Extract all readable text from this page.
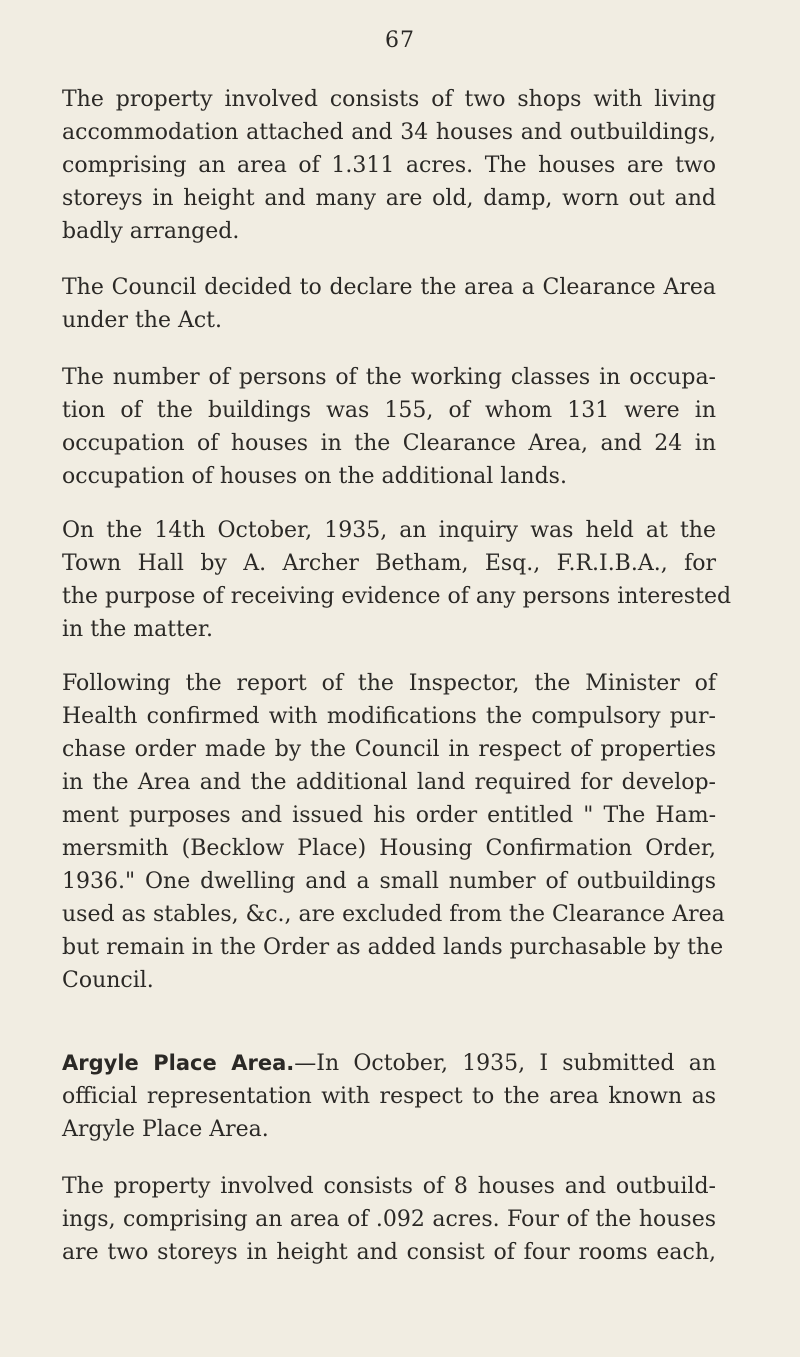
67
The property involved consists of two shops with living
accommodation attached and 34 houses and outbuildings,
comprising an area of 1.311 acres. The houses are two
storeys in height and many are old, damp, worn out and
badly arranged.
The Council decided to declare the area a Clearance Area
under the Act.
The number of persons of the working classes in occupa-
tion of the buildings was 155, of whom 131 were in
occupation of houses in the Clearance Area, and 24 in
occupation of houses on the additional lands.
On the 14th October, 1935, an inquiry was held at the
Town Hall by A. Archer Betham, Esq., F.R.I.B.A., for
the purpose of receiving evidence of any persons interested
in the matter.
Following the report of the Inspector, the Minister of
Health confirmed with modifications the compulsory pur-
chase order made by the Council in respect of properties
in the Area and the additional land required for develop-
ment purposes and issued his order entitled " The Ham-
mersmith (Becklow Place) Housing Confirmation Order,
1936." One dwelling and a small number of outbuildings
used as stables, &c., are excluded from the Clearance Area
but remain in the Order as added lands purchasable by the
Council.
Argyle Place Area.—In October, 1935, I submitted an
official representation with respect to the area known as
Argyle Place Area.
The property involved consists of 8 houses and outbuild-
ings, comprising an area of .092 acres. Four of the houses
are two storeys in height and consist of four rooms each,
